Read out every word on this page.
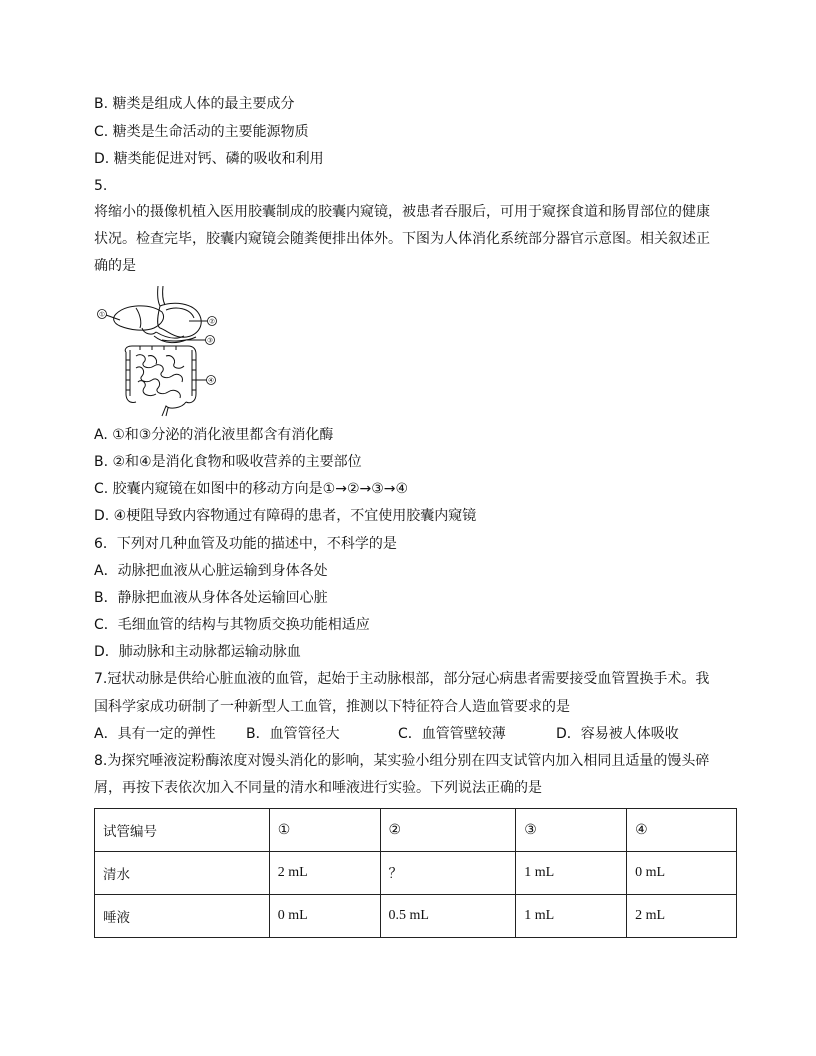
B. 糖类是组成人体的最主要成分
C. 糖类是生命活动的主要能源物质
D. 糖类能促进对钙、磷的吸收和利用
5.
将缩小的摄像机植入医用胶囊制成的胶囊内窥镜，被患者吞服后，可用于窥探食道和肠胃部位的健康
状况。检查完毕，胶囊内窥镜会随粪便排出体外。下图为人体消化系统部分器官示意图。相关叙述正
确的是
①
②
③
④
A. ①和③分泌的消化液里都含有消化酶
B. ②和④是消化食物和吸收营养的主要部位
C. 胶囊内窥镜在如图中的移动方向是①→②→③→④
D. ④梗阻导致内容物通过有障碍的患者，不宜使用胶囊内窥镜
6．下列对几种血管及功能的描述中，不科学的是
A．动脉把血液从心脏运输到身体各处
B．静脉把血液从身体各处运输回心脏
C．毛细血管的结构与其物质交换功能相适应
D．肺动脉和主动脉都运输动脉血
7.冠状动脉是供给心脏血液的血管，起始于主动脉根部，部分冠心病患者需要接受血管置换手术。我
国科学家成功研制了一种新型人工血管，推测以下特征符合人造血管要求的是
A．具有一定的弹性 B．血管管径大	C．血管管壁较薄	D．容易被人体吸收
8.为探究唾液淀粉酶浓度对馒头消化的影响，某实验小组分别在四支试管内加入相同且适量的馒头碎
屑，再按下表依次加入不同量的清水和唾液进行实验。下列说法正确的是
试管编号	①	②	③	④
清水	2 mL	？	1 mL	0 mL
唾液	0 mL	0.5 mL	1 mL	2 mL
